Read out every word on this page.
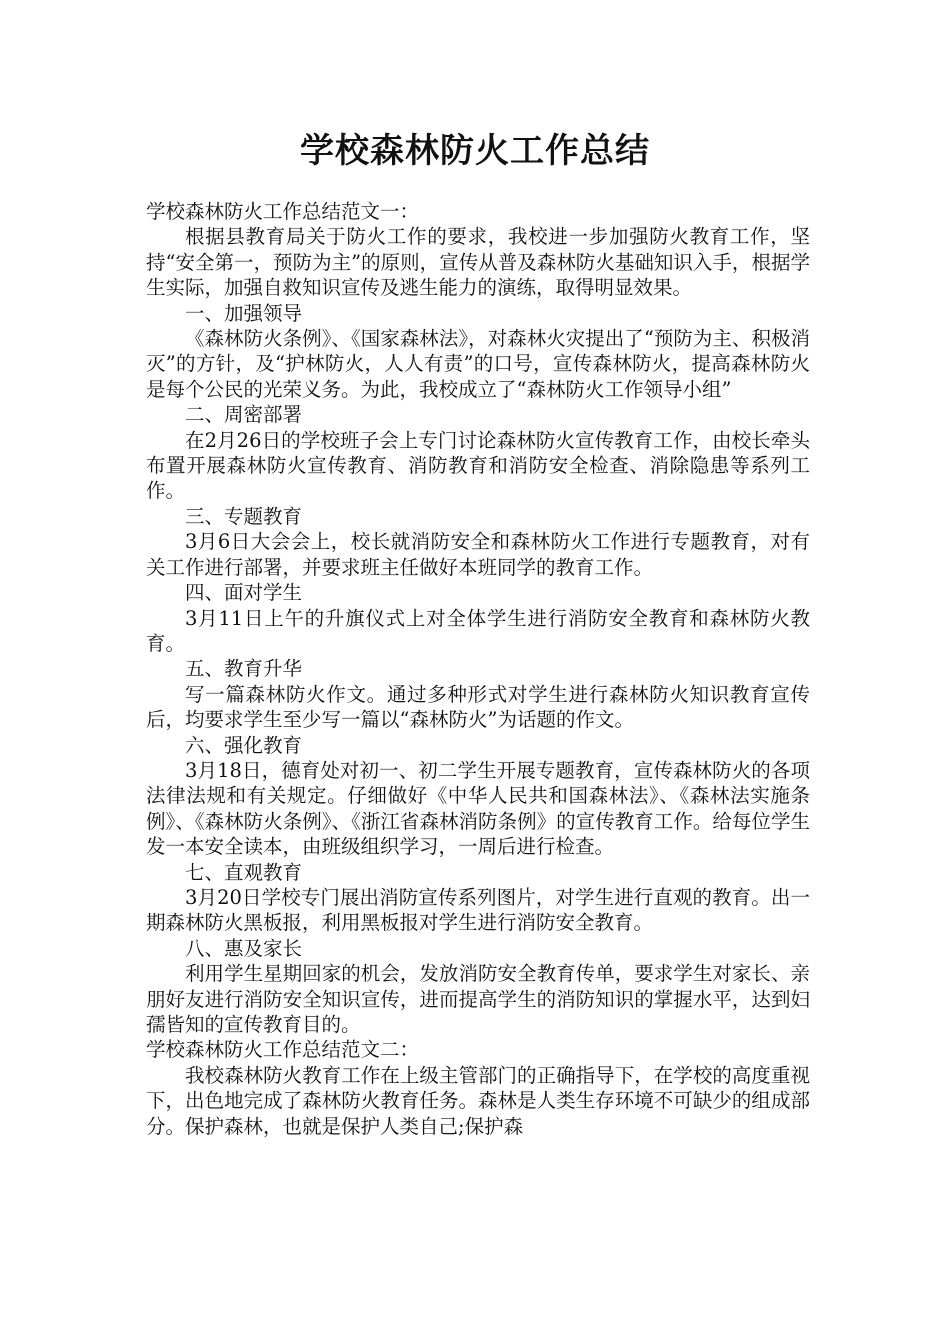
学校森林防火工作总结

学校森林防火工作总结范文一：

根据县教育局关于防火工作的要求，我校进一步加强防火教育工作，坚持“安全第一，预防为主”的原则，宣传从普及森林防火基础知识入手，根据学生实际，加强自救知识宣传及逃生能力的演练，取得明显效果。

一、加强领导

《森林防火条例》、《国家森林法》，对森林火灾提出了“预防为主、积极消灭”的方针，及“护林防火，人人有责”的口号，宣传森林防火，提高森林防火是每个公民的光荣义务。为此，我校成立了“森林防火工作领导小组”

二、周密部署

在2月26日的学校班子会上专门讨论森林防火宣传教育工作，由校长牵头布置开展森林防火宣传教育、消防教育和消防安全检查、消除隐患等系列工作。

三、专题教育

3月6日大会会上，校长就消防安全和森林防火工作进行专题教育，对有关工作进行部署，并要求班主任做好本班同学的教育工作。

四、面对学生

3月11日上午的升旗仪式上对全体学生进行消防安全教育和森林防火教育。

五、教育升华

写一篇森林防火作文。通过多种形式对学生进行森林防火知识教育宣传后，均要求学生至少写一篇以“森林防火”为话题的作文。

六、强化教育

3月18日，德育处对初一、初二学生开展专题教育，宣传森林防火的各项法律法规和有关规定。仔细做好《中华人民共和国森林法》、《森林法实施条例》、《森林防火条例》、《浙江省森林消防条例》的宣传教育工作。给每位学生发一本安全读本，由班级组织学习，一周后进行检查。

七、直观教育

3月20日学校专门展出消防宣传系列图片，对学生进行直观的教育。出一期森林防火黑板报，利用黑板报对学生进行消防安全教育。

八、惠及家长

利用学生星期回家的机会，发放消防安全教育传单，要求学生对家长、亲朋好友进行消防安全知识宣传，进而提高学生的消防知识的掌握水平，达到妇孺皆知的宣传教育目的。

学校森林防火工作总结范文二：

我校森林防火教育工作在上级主管部门的正确指导下，在学校的高度重视下，出色地完成了森林防火教育任务。森林是人类生存环境不可缺少的组成部分。保护森林，也就是保护人类自己;保护森
